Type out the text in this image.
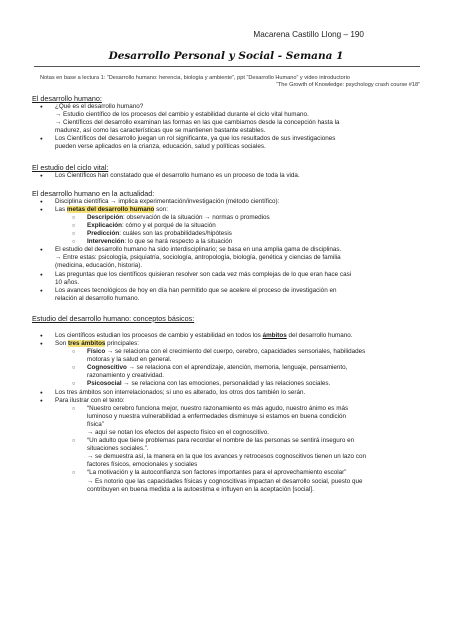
Macarena Castillo Llong – 190
Desarrollo Personal y Social - Semana 1
Notas en base a lectura 1: “Desarrollo humano: herencia, biología y ambiente”, ppt “Desarrollo Humano” y video introductorio
“The Growth of Knowledge: psychology crash course #18”

El desarrollo humano:

● ¿Qué es el desarrollo humano?
→ Estudio científico de los procesos del cambio y estabilidad durante el ciclo vital humano.
→ Científicos del desarrollo examinan las formas en las que cambiamos desde la concepción hasta la
madurez, así como las características que se mantienen bastante estables.
● Los Científicos del desarrollo juegan un rol significante, ya que los resultados de sus investigaciones
pueden verse aplicados en la crianza, educación, salud y políticas sociales.

El estudio del ciclo vital:

● Los Científicos han constatado que el desarrollo humano es un proceso de toda la vida.

El desarrollo humano en la actualidad:

● Disciplina científica → implica experimentación/investigación (método científico):
● Las metas del desarrollo humano son:
○ Descripción: observación de la situación → normas o promedios
○ Explicación: cómo y el porqué de la situación
○ Predicción: cuáles son las probabilidades/hipótesis
○ Intervención: lo que se hará respecto a la situación
● El estudio del desarrollo humano ha sido interdisciplinario; se basa en una amplia gama de disciplinas.
→ Entre estas: psicología, psiquiatría, sociología, antropología, biología, genética y ciencias de familia
(medicina, educación, historia).
● Las preguntas que los científicos quisieran resolver son cada vez más complejas de lo que eran hace casi
10 años.
● Los avances tecnológicos de hoy en día han permitido que se acelere el proceso de investigación en
relación al desarrollo humano.

Estudio del desarrollo humano: conceptos básicos:

● Los científicos estudian los procesos de cambio y estabilidad en todos los ámbitos del desarrollo humano.
● Son tres ámbitos principales:
○ Físico → se relaciona con el crecimiento del cuerpo, cerebro, capacidades sensoriales, habilidades
motoras y la salud en general.
○ Cognoscitivo → se relaciona con el aprendizaje, atención, memoria, lenguaje, pensamiento,
razonamiento y creatividad.
○ Psicosocial → se relaciona con las emociones, personalidad y las relaciones sociales.
● Los tres ámbitos son interrelacionados; si uno es alterado, los otros dos también lo serán.
● Para ilustrar con el texto:
○ “Nuestro cerebro funciona mejor, nuestro razonamiento es más agudo, nuestro ánimo es más
luminoso y nuestra vulnerabilidad a enfermedades disminuye si estamos en buena condición
física”
→ aquí se notan los efectos del aspecto físico en el cognoscitivo.
○ “Un adulto que tiene problemas para recordar el nombre de las personas se sentirá inseguro en
situaciones sociales.”.
→ se demuestra así, la manera en la que los avances y retrocesos cognoscitivos tienen un lazo con
factores físicos, emocionales y sociales
○ “La motivación y la autoconfianza son factores importantes para el aprovechamiento escolar”
→ Es notorio que las capacidades físicas y cognoscitivas impactan el desarrollo social, puesto que
contribuyen en buena medida a la autoestima e influyen en la aceptación [social].
